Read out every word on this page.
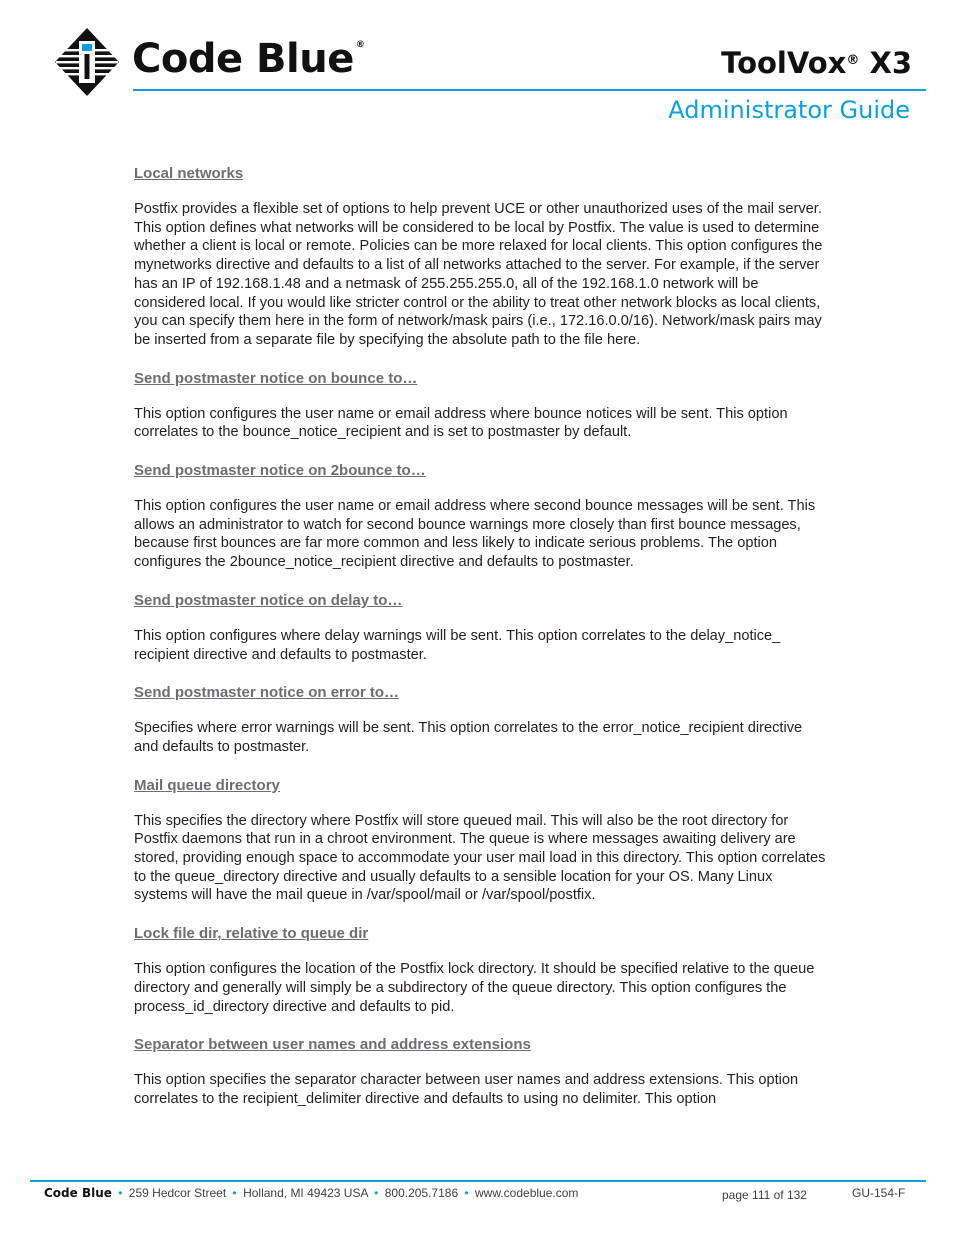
Code Blue ®
ToolVox® X3
Administrator Guide
Local networks

Postfix provides a flexible set of options to help prevent UCE or other unauthorized uses of the mail server. This option defines what networks will be considered to be local by Postfix. The value is used to determine whether a client is local or remote. Policies can be more relaxed for local clients. This option configures the mynetworks directive and defaults to a list of all networks attached to the server. For example, if the server has an IP of 192.168.1.48 and a netmask of 255.255.255.0, all of the 192.168.1.0 network will be considered local. If you would like stricter control or the ability to treat other network blocks as local clients, you can specify them here in the form of network/mask pairs (i.e., 172.16.0.0/16). Network/mask pairs may be inserted from a separate file by specifying the absolute path to the file here.

Send postmaster notice on bounce to…

This option configures the user name or email address where bounce notices will be sent. This option correlates to the bounce_notice_recipient and is set to postmaster by default.

Send postmaster notice on 2bounce to…

This option configures the user name or email address where second bounce messages will be sent. This allows an administrator to watch for second bounce warnings more closely than first bounce messages, because first bounces are far more common and less likely to indicate serious problems. The option configures the 2bounce_notice_recipient directive and defaults to postmaster.

Send postmaster notice on delay to…

This option configures where delay warnings will be sent. This option correlates to the delay_notice_ recipient directive and defaults to postmaster.

Send postmaster notice on error to…

Specifies where error warnings will be sent. This option correlates to the error_notice_recipient directive and defaults to postmaster.

Mail queue directory

This specifies the directory where Postfix will store queued mail. This will also be the root directory for Postfix daemons that run in a chroot environment. The queue is where messages awaiting delivery are stored, providing enough space to accommodate your user mail load in this directory. This option correlates to the queue_directory directive and usually defaults to a sensible location for your OS. Many Linux systems will have the mail queue in /var/spool/mail or /var/spool/postfix.

Lock file dir, relative to queue dir

This option configures the location of the Postfix lock directory. It should be specified relative to the queue directory and generally will simply be a subdirectory of the queue directory. This option configures the process_id_directory directive and defaults to pid.

Separator between user names and address extensions

This option specifies the separator character between user names and address extensions. This option correlates to the recipient_delimiter directive and defaults to using no delimiter. This option

Code Blue • 259 Hedcor Street • Holland, MI 49423 USA • 800.205.7186 • www.codeblue.com	page 111 of 132	GU-154-F
